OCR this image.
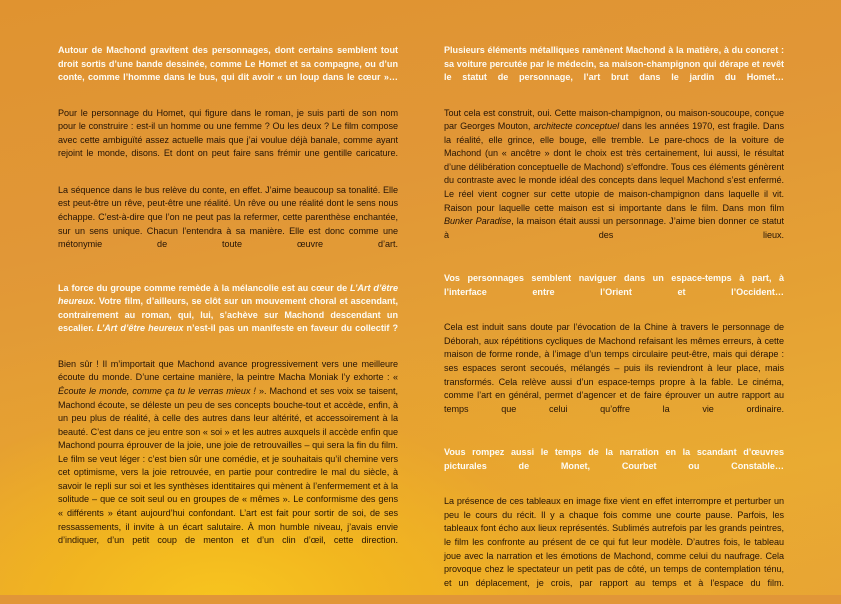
Autour de Machond gravitent des personnages, dont certains semblent tout droit sortis d’une bande dessinée, comme Le Homet et sa compagne, ou d’un conte, comme l’homme dans le bus, qui dit avoir « un loup dans le cœur »…

Pour le personnage du Homet, qui figure dans le roman, je suis parti de son nom pour le construire : est-il un homme ou une femme ? Ou les deux ? Le film compose avec cette ambiguïté assez actuelle mais que j’ai voulue déjà banale, comme ayant rejoint le monde, disons. Et dont on peut faire sans frémir une gentille caricature.

La séquence dans le bus relève du conte, en effet. J’aime beaucoup sa tonalité. Elle est peut-être un rêve, peut-être une réalité. Un rêve ou une réalité dont le sens nous échappe. C’est-à-dire que l’on ne peut pas la refermer, cette parenthèse enchantée, sur un sens unique. Chacun l’entendra à sa manière. Elle est donc comme une métonymie de toute œuvre d’art.

La force du groupe comme remède à la mélancolie est au cœur de L’Art d’être heureux. Votre film, d’ailleurs, se clôt sur un mouvement choral et ascendant, contrairement au roman, qui, lui, s’achève sur Machond descendant un escalier. L’Art d’être heureux n’est-il pas un manifeste en faveur du collectif ?

Bien sûr ! Il m’importait que Machond avance progressivement vers une meilleure écoute du monde. D’une certaine manière, la peintre Macha Moniak l’y exhorte : « Écoute le monde, comme ça tu le verras mieux ! ». Machond et ses voix se taisent, Machond écoute, se déleste un peu de ses concepts bouche-tout et accède, enfin, à un peu plus de réalité, à celle des autres dans leur altérité, et accessoirement à la beauté. C’est dans ce jeu entre son « soi » et les autres auxquels il accède enfin que Machond pourra éprouver de la joie, une joie de retrouvailles – qui sera la fin du film. Le film se veut léger : c’est bien sûr une comédie, et je souhaitais qu’il chemine vers cet optimisme, vers la joie retrouvée, en partie pour contredire le mal du siècle, à savoir le repli sur soi et les synthèses identitaires qui mènent à l’enfermement et à la solitude – que ce soit seul ou en groupes de « mêmes ». Le conformisme des gens « différents » étant aujourd’hui confondant. L’art est fait pour sortir de soi, de ses ressassements, il invite à un écart salutaire. À mon humble niveau, j’avais envie d’indiquer, d’un petit coup de menton et d’un clin d’œil, cette direction.

Plusieurs éléments métalliques ramènent Machond à la matière, à du concret : sa voiture percutée par le médecin, sa maison-champignon qui dérape et revêt le statut de personnage, l’art brut dans le jardin du Homet…

Tout cela est construit, oui. Cette maison-champignon, ou maison-soucoupe, conçue par Georges Mouton, architecte conceptuel dans les années 1970, est fragile. Dans la réalité, elle grince, elle bouge, elle tremble. Le pare-chocs de la voiture de Machond (un « ancêtre » dont le choix est très certainement, lui aussi, le résultat d’une délibération conceptuelle de Machond) s’effondre. Tous ces éléments génèrent du contraste avec le monde idéal des concepts dans lequel Machond s’est enfermé. Le réel vient cogner sur cette utopie de maison-champignon dans laquelle il vit. Raison pour laquelle cette maison est si importante dans le film. Dans mon film Bunker Paradise, la maison était aussi un personnage. J’aime bien donner ce statut à des lieux.

Vos personnages semblent naviguer dans un espace-temps à part, à l’interface entre l’Orient et l’Occident…

Cela est induit sans doute par l’évocation de la Chine à travers le personnage de Déborah, aux répétitions cycliques de Machond refaisant les mêmes erreurs, à cette maison de forme ronde, à l’image d’un temps circulaire peut-être, mais qui dérape : ses espaces seront secoués, mélangés – puis ils reviendront à leur place, mais transformés. Cela relève aussi d’un espace-temps propre à la fable. Le cinéma, comme l’art en général, permet d’agencer et de faire éprouver un autre rapport au temps que celui qu’offre la vie ordinaire.

Vous rompez aussi le temps de la narration en la scandant d’œuvres picturales de Monet, Courbet ou Constable…

La présence de ces tableaux en image fixe vient en effet interrompre et perturber un peu le cours du récit. Il y a chaque fois comme une courte pause. Parfois, les tableaux font écho aux lieux représentés. Sublimés autrefois par les grands peintres, le film les confronte au présent de ce qui fut leur modèle. D’autres fois, le tableau joue avec la narration et les émotions de Machond, comme celui du naufrage. Cela provoque chez le spectateur un petit pas de côté, un temps de contemplation ténu, et un déplacement, je crois, par rapport au temps et à l’espace du film.
